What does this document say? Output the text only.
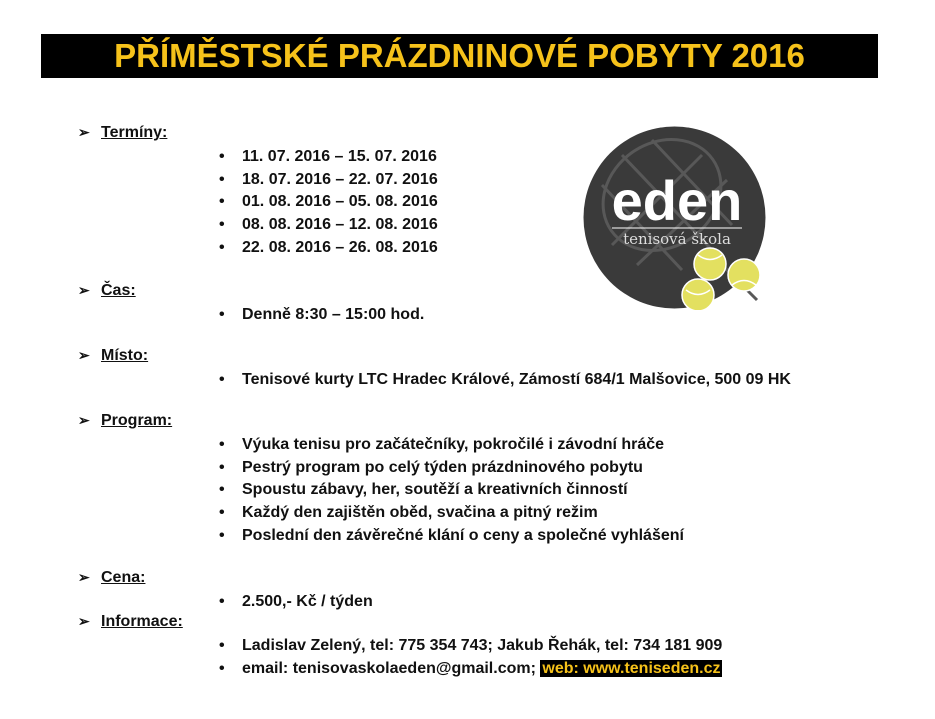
PŘÍMĚSTSKÉ PRÁZDNINOVÉ POBYTY 2016
eden
tenisová škola
➢ Termíny:
• 11. 07. 2016 – 15. 07. 2016
• 18. 07. 2016 – 22. 07. 2016
• 01. 08. 2016 – 05. 08. 2016
• 08. 08. 2016 – 12. 08. 2016
• 22. 08. 2016 – 26. 08. 2016
➢ Čas:
• Denně 8:30 – 15:00 hod.
➢ Místo:
• Tenisové kurty LTC Hradec Králové, Zámostí 684/1 Malšovice, 500 09 HK
➢ Program:
• Výuka tenisu pro začátečníky, pokročilé i závodní hráče
• Pestrý program po celý týden prázdninového pobytu
• Spoustu zábavy, her, soutěží a kreativních činností
• Každý den zajištěn oběd, svačina a pitný režim
• Poslední den závěrečné klání o ceny a společné vyhlášení
➢ Cena:
• 2.500,- Kč / týden
➢ Informace:
• Ladislav Zelený, tel: 775 354 743; Jakub Řehák, tel: 734 181 909
• email: tenisovaskolaeden@gmail.com; web: www.teniseden.cz
